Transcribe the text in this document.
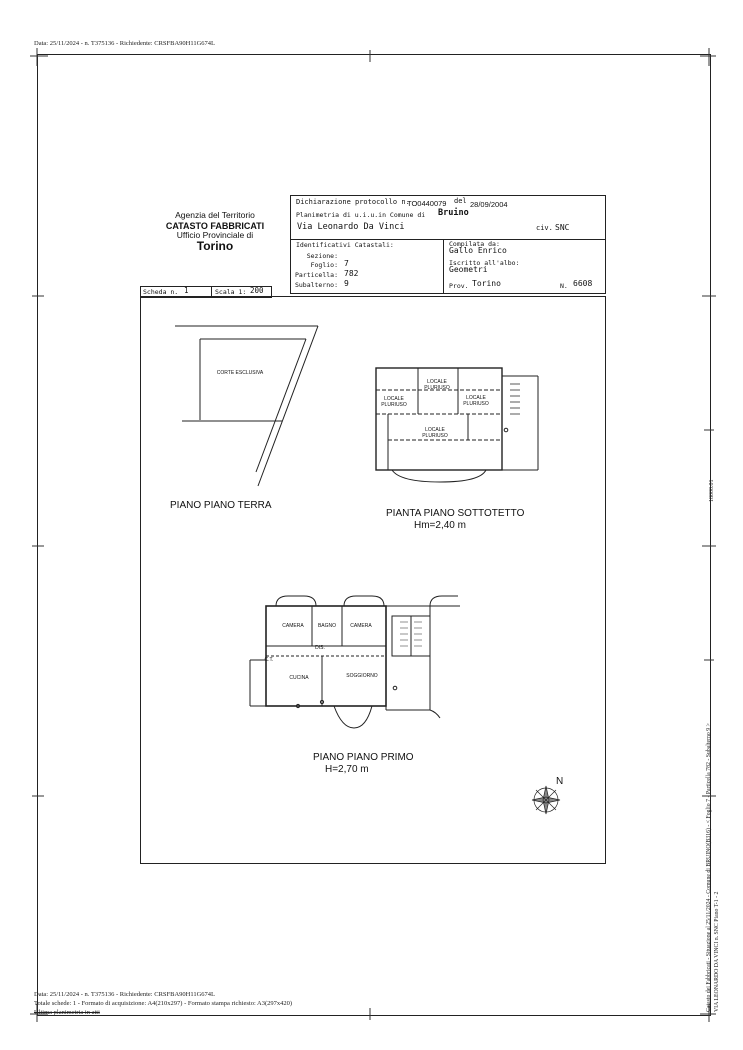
Data: 25/11/2024 - n. T375136 - Richiedente: CRSFBA90H11G674L
Agenzia del Territorio
CATASTO FABBRICATI
Ufficio Provinciale di
Torino
Dichiarazione protocollo n.
TO0440079 del 28/09/2004
Planimetria di u.i.u.in Comune di Bruino
Via Leonardo Da Vinci	civ. SNC
Identificativi Catastali:
Sezione:
Foglio: 7
Particella: 782
Subalterno: 9
Compilata da:
Gallo Enrico
Iscritto all'albo:
Geometri
Prov. Torino	N. 6608
Scheda n. 1	Scala 1: 200
CORTE ESCLUSIVA
PIANO PIANO TERRA
LOCALE
PLURIUSO
LOCALE
PLURIUSO
LOCALE
PLURIUSO
LOCALE
PLURIUSO
PIANTA PIANO SOTTOTETTO
Hm=2,40 m
CAMERA	BAGNO	CAMERA
DIS.
CUCINA	SOGGIORNO
C.T.
PIANO PIANO PRIMO
H=2,70 m
N
18000.01
Catasto dei Fabbricati - Situazione al 25/11/2024 - Comune di BRUINO(B316) - < Foglio 7 - Particella 782 - Subalterno 9 > VIA LEONARDO DA VINCI n. SNC Piano T-1 - 2
Data: 25/11/2024 - n. T375136 - Richiedente: CRSFBA90H11G674L
Totale schede: 1 - Formato di acquisizione: A4(210x297) - Formato stampa richiesto: A3(297x420)
Ultima planimetria in atti
